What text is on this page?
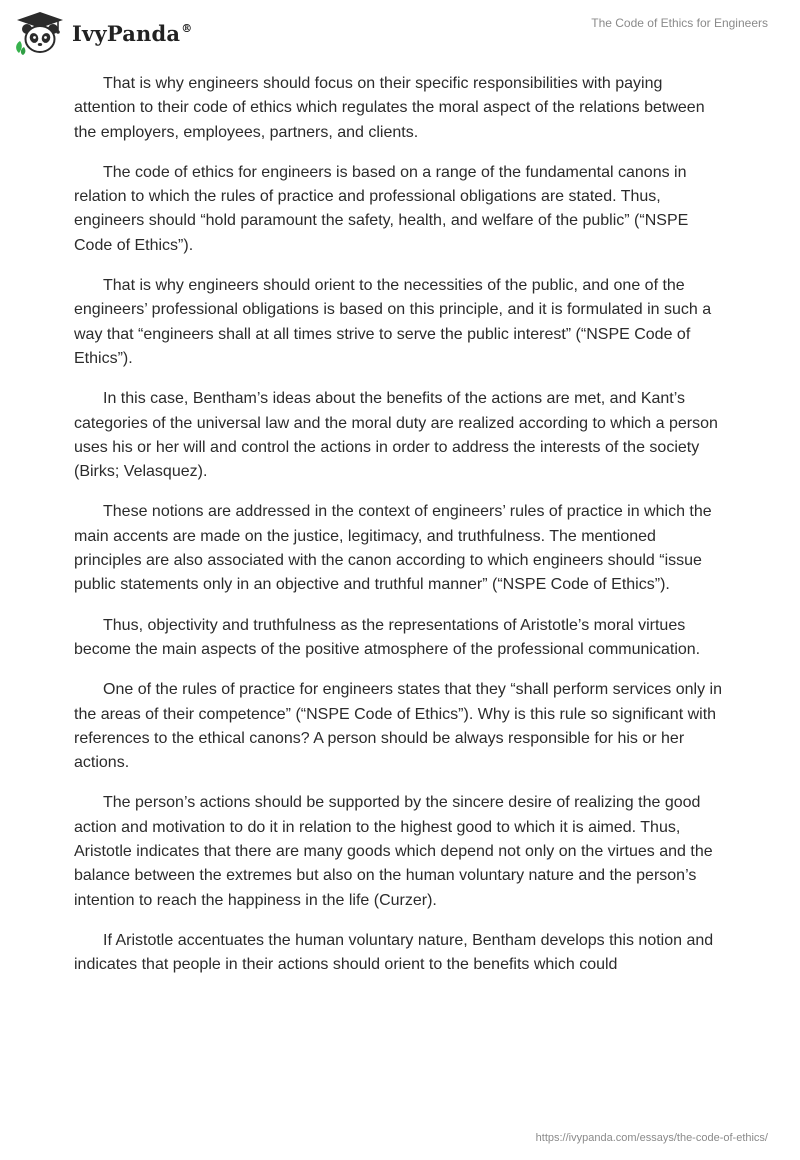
IvyPanda®	The Code of Ethics for Engineers

That is why engineers should focus on their specific responsibilities with paying attention to their code of ethics which regulates the moral aspect of the relations between the employers, employees, partners, and clients.

The code of ethics for engineers is based on a range of the fundamental canons in relation to which the rules of practice and professional obligations are stated. Thus, engineers should “hold paramount the safety, health, and welfare of the public” (“NSPE Code of Ethics”).

That is why engineers should orient to the necessities of the public, and one of the engineers’ professional obligations is based on this principle, and it is formulated in such a way that “engineers shall at all times strive to serve the public interest” (“NSPE Code of Ethics”).

In this case, Bentham’s ideas about the benefits of the actions are met, and Kant’s categories of the universal law and the moral duty are realized according to which a person uses his or her will and control the actions in order to address the interests of the society (Birks; Velasquez).

These notions are addressed in the context of engineers’ rules of practice in which the main accents are made on the justice, legitimacy, and truthfulness. The mentioned principles are also associated with the canon according to which engineers should “issue public statements only in an objective and truthful manner” (“NSPE Code of Ethics”).

Thus, objectivity and truthfulness as the representations of Aristotle’s moral virtues become the main aspects of the positive atmosphere of the professional communication.

One of the rules of practice for engineers states that they “shall perform services only in the areas of their competence” (“NSPE Code of Ethics”). Why is this rule so significant with references to the ethical canons? A person should be always responsible for his or her actions.

The person’s actions should be supported by the sincere desire of realizing the good action and motivation to do it in relation to the highest good to which it is aimed. Thus, Aristotle indicates that there are many goods which depend not only on the virtues and the balance between the extremes but also on the human voluntary nature and the person’s intention to reach the happiness in the life (Curzer).

If Aristotle accentuates the human voluntary nature, Bentham develops this notion and indicates that people in their actions should orient to the benefits which could

https://ivypanda.com/essays/the-code-of-ethics/
